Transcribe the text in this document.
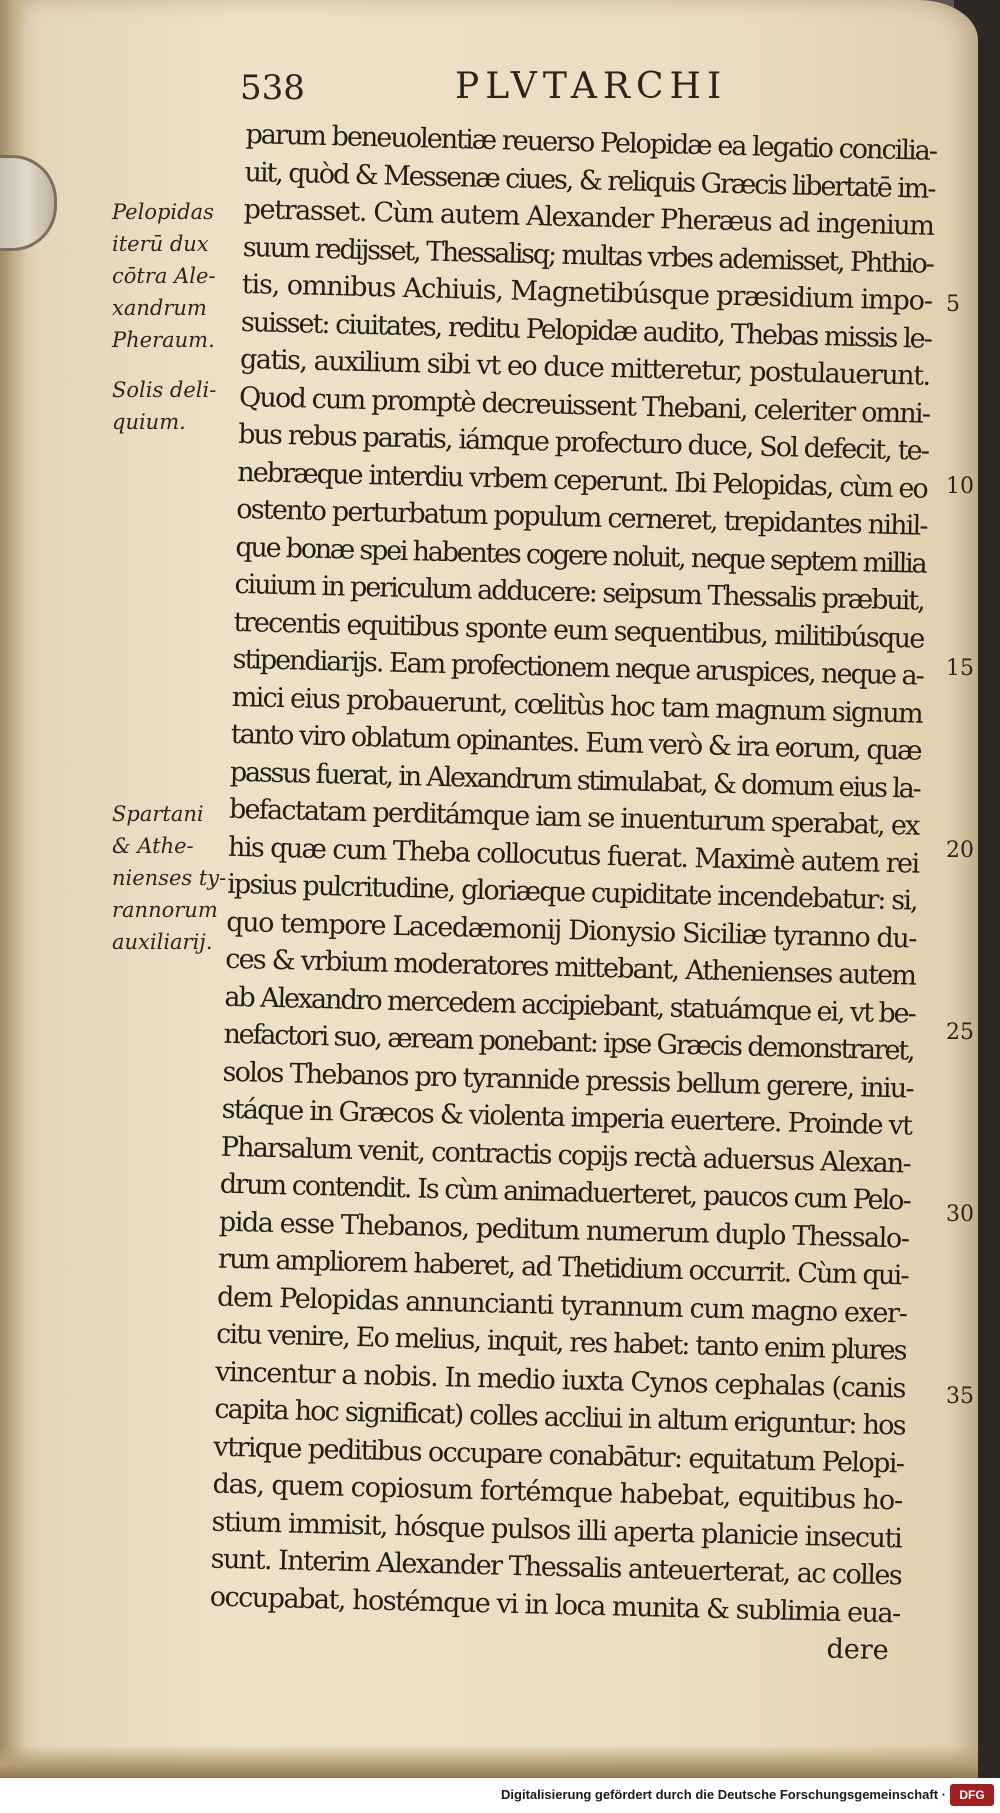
538	PLVTARCHI
Pelopidas
iterū dux
cōtra Ale-
xandrum
Pheraum.
Solis deli-
quium.
Spartani
& Athe-
nienses ty-
rannorum
auxiliarij.
5
10
15
20
25
30
35
parum beneuolentiæ reuerso Pelopidæ ea legatio concilia-
uit, quòd & Messenæ ciues, & reliquis Græcis libertatē im-
petrasset. Cùm autem Alexander Pheræus ad ingenium
suum redijsset, Thessalisq; multas vrbes ademisset, Phthio-
tis, omnibus Achiuis, Magnetibúsque præsidium impo-
suisset: ciuitates, reditu Pelopidæ audito, Thebas missis le-
gatis, auxilium sibi vt eo duce mitteretur, postulauerunt.
Quod cum promptè decreuissent Thebani, celeriter omni-
bus rebus paratis, iámque profecturo duce, Sol defecit, te-
nebræque interdiu vrbem ceperunt. Ibi Pelopidas, cùm eo
ostento perturbatum populum cerneret, trepidantes nihil-
que bonæ spei habentes cogere noluit, neque septem millia
ciuium in periculum adducere: seipsum Thessalis præbuit,
trecentis equitibus sponte eum sequentibus, militibúsque
stipendiarijs. Eam profectionem neque aruspices, neque a-
mici eius probauerunt, cœlitùs hoc tam magnum signum
tanto viro oblatum opinantes. Eum verò & ira eorum, quæ
passus fuerat, in Alexandrum stimulabat, & domum eius la-
befactatam perditámque iam se inuenturum sperabat, ex
his quæ cum Theba collocutus fuerat. Maximè autem rei
ipsius pulcritudine, gloriæque cupiditate incendebatur: si,
quo tempore Lacedæmonij Dionysio Siciliæ tyranno du-
ces & vrbium moderatores mittebant, Athenienses autem
ab Alexandro mercedem accipiebant, statuámque ei, vt be-
nefactori suo, æream ponebant: ipse Græcis demonstraret,
solos Thebanos pro tyrannide pressis bellum gerere, iniu-
stáque in Græcos & violenta imperia euertere. Proinde vt
Pharsalum venit, contractis copijs rectà aduersus Alexan-
drum contendit. Is cùm animaduerteret, paucos cum Pelo-
pida esse Thebanos, peditum numerum duplo Thessalo-
rum ampliorem haberet, ad Thetidium occurrit. Cùm qui-
dem Pelopidas annuncianti tyrannum cum magno exer-
citu venire, Eo melius, inquit, res habet: tanto enim plures
vincentur a nobis. In medio iuxta Cynos cephalas (canis
capita hoc significat) colles accliui in altum eriguntur: hos
vtrique peditibus occupare conabātur: equitatum Pelopi-
das, quem copiosum fortémque habebat, equitibus ho-
stium immisit, hósque pulsos illi aperta planicie insecuti
sunt. Interim Alexander Thessalis anteuerterat, ac colles
occupabat, hostémque vi in loca munita & sublimia eua-
dere
Digitalisierung gefördert durch die Deutsche Forschungsgemeinschaft ·	DFG
